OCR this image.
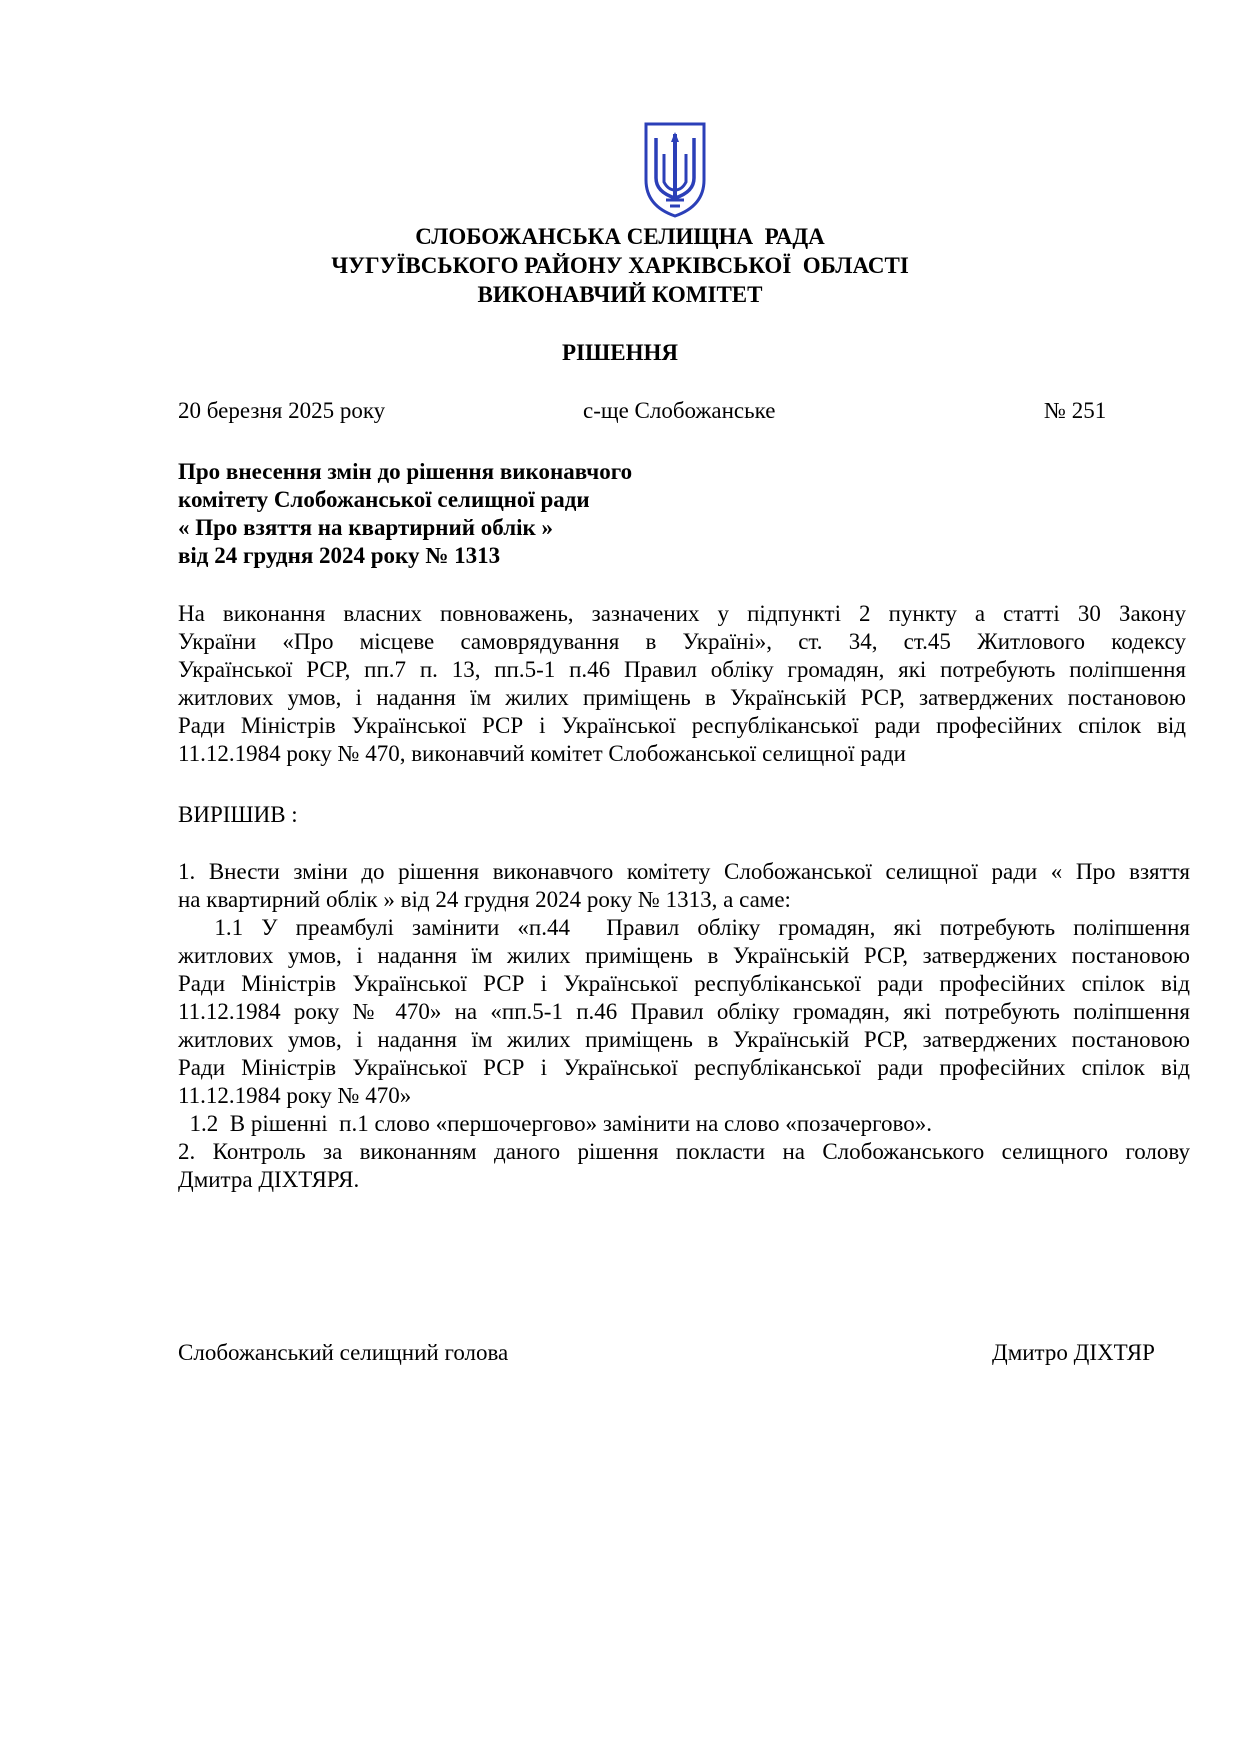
СЛОБОЖАНСЬКА СЕЛИЩНА  РАДА
ЧУГУЇВСЬКОГО РАЙОНУ ХАРКІВСЬКОЇ  ОБЛАСТІ
ВИКОНАВЧИЙ КОМІТЕТ
РІШЕННЯ
20 березня 2025 року	с-ще Слобожанське	№ 251
Про внесення змін до рішення виконавчого
комітету Слобожанської селищної ради
« Про взяття на квартирний облік »
від 24 грудня 2024 року № 1313
На виконання власних повноважень, зазначених у підпункті 2 пункту а статті 30 Закону
України «Про місцеве самоврядування в Україні», ст. 34, ст.45 Житлового кодексу
Української РСР, пп.7 п. 13, пп.5-1 п.46 Правил обліку громадян, які потребують поліпшення
житлових умов, і надання їм жилих приміщень в Українській РСР, затверджених постановою
Ради Міністрів Української РСР і Української республіканської ради професійних спілок від
11.12.1984 року № 470, виконавчий комітет Слобожанської селищної ради
ВИРІШИВ :
1. Внести зміни до рішення виконавчого комітету Слобожанської селищної ради « Про взяття
на квартирний облік » від 24 грудня 2024 року № 1313, а саме:
1.1 У преамбулі замінити «п.44  Правил обліку громадян, які потребують поліпшення
житлових умов, і надання їм жилих приміщень в Українській РСР, затверджених постановою
Ради Міністрів Української РСР і Української республіканської ради професійних спілок від
11.12.1984 року № 470» на «пп.5-1 п.46 Правил обліку громадян, які потребують поліпшення
житлових умов, і надання їм жилих приміщень в Українській РСР, затверджених постановою
Ради Міністрів Української РСР і Української республіканської ради професійних спілок від
11.12.1984 року № 470»
1.2  В рішенні  п.1 слово «першочергово» замінити на слово «позачергово».
2. Контроль за виконанням даного рішення покласти на Слобожанського селищного голову
Дмитра ДІХТЯРЯ.
Слобожанський селищний голова	Дмитро ДІХТЯР
